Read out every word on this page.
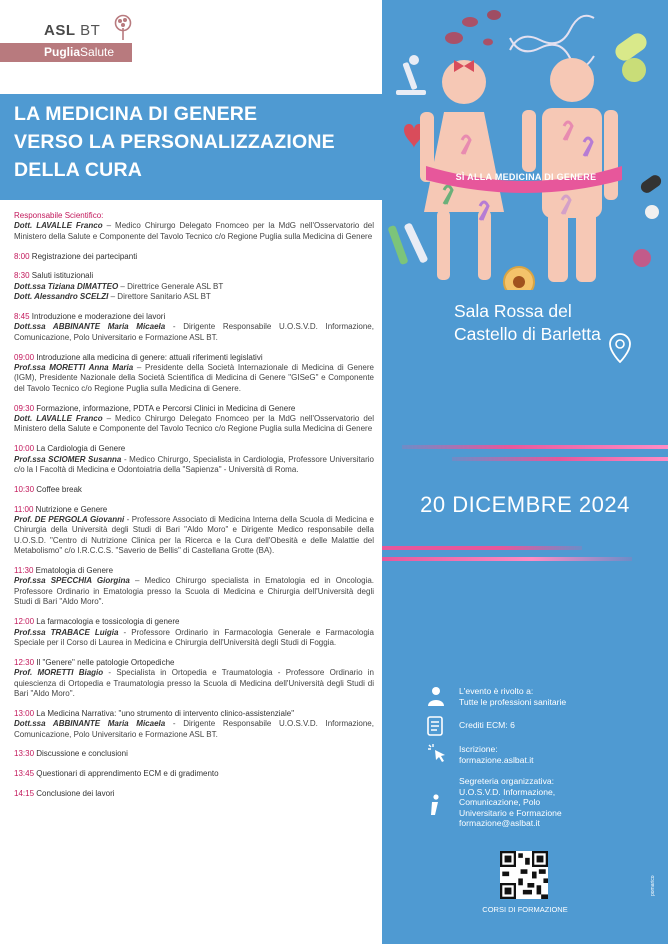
ASL BT
PugliaSalute
LA MEDICINA DI GENERE
VERSO LA PERSONALIZZAZIONE
DELLA CURA
Responsabile Scientifico:
Dott. LAVALLE Franco – Medico Chirurgo Delegato Fnomceo per la MdG nell'Osservatorio del Ministero della Salute e Componente del Tavolo Tecnico c/o Regione Puglia sulla Medicina di Genere
8:00 Registrazione dei partecipanti
8:30 Saluti istituzionali
Dott.ssa Tiziana DIMATTEO – Direttrice Generale ASL BT
Dott. Alessandro SCELZI – Direttore Sanitario ASL BT
8:45 Introduzione e moderazione dei lavori
Dott.ssa ABBINANTE Maria Micaela - Dirigente Responsabile U.O.S.V.D. Informazione, Comunicazione, Polo Universitario e Formazione ASL BT.
09:00 Introduzione alla medicina di genere: attuali riferimenti legislativi
Prof.ssa MORETTI Anna Maria – Presidente della Società Internazionale di Medicina di Genere (IGM), Presidente Nazionale della Società Scientifica di Medicina di Genere "GISeG" e Componente del Tavolo Tecnico c/o Regione Puglia sulla Medicina di Genere.
09:30 Formazione, informazione, PDTA e Percorsi Clinici in Medicina di Genere
Dott. LAVALLE Franco – Medico Chirurgo Delegato Fnomceo per la MdG nell'Osservatorio del Ministero della Salute e Componente del Tavolo Tecnico c/o Regione Puglia sulla Medicina di Genere
10:00 La Cardiologia di Genere
Prof.ssa SCIOMER Susanna - Medico Chirurgo, Specialista in Cardiologia, Professore Universitario c/o la I Facoltà di Medicina e Odontoiatria della "Sapienza" - Università di Roma.
10:30 Coffee break
11:00 Nutrizione e Genere
Prof. DE PERGOLA Giovanni - Professore Associato di Medicina Interna della Scuola di Medicina e Chirurgia della Università degli Studi di Bari "Aldo Moro" e Dirigente Medico responsabile della U.O.S.D. "Centro di Nutrizione Clinica per la Ricerca e la Cura dell'Obesità e delle Malattie del Metabolismo" c/o I.R.C.C.S. "Saverio de Bellis" di Castellana Grotte (BA).
11:30 Ematologia di Genere
Prof.ssa SPECCHIA Giorgina – Medico Chirurgo specialista in Ematologia ed in Oncologia. Professore Ordinario in Ematologia presso la Scuola di Medicina e Chirurgia dell'Università degli Studi di Bari "Aldo Moro".
12:00 La farmacologia e tossicologia di genere
Prof.ssa TRABACE Luigia - Professore Ordinario in Farmacologia Generale e Farmacologia Speciale per il Corso di Laurea in Medicina e Chirurgia dell'Università degli Studi di Foggia.
12:30 Il "Genere" nelle patologie Ortopediche
Prof. MORETTI Biagio - Specialista in Ortopedia e Traumatologia - Professore Ordinario in quiescienza di Ortopedia e Traumatologia presso la Scuola di Medicina dell'Università degli Studi di Bari "Aldo Moro".
13:00 La Medicina Narrativa: "uno strumento di intervento clinico-assistenziale"
Dott.ssa ABBINANTE Maria Micaela - Dirigente Responsabile U.O.S.V.D. Informazione, Comunicazione, Polo Universitario e Formazione ASL BT.
13:30 Discussione e conclusioni
13:45 Questionari di apprendimento ECM e di gradimento
14:15 Conclusione dei lavori
SÌ ALLA MEDICINA DI GENERE
Sala Rossa del
Castello di Barletta
20 DICEMBRE 2024
L'evento è rivolto a:
Tutte le professioni sanitarie
Crediti ECM: 6
Iscrizione:
formazione.aslbat.it
Segreteria organizzativa:
U.O.S.V.D. Informazione,
Comunicazione, Polo
Universitario e Formazione
formazione@aslbat.it
CORSI DI FORMAZIONE
pomarico
